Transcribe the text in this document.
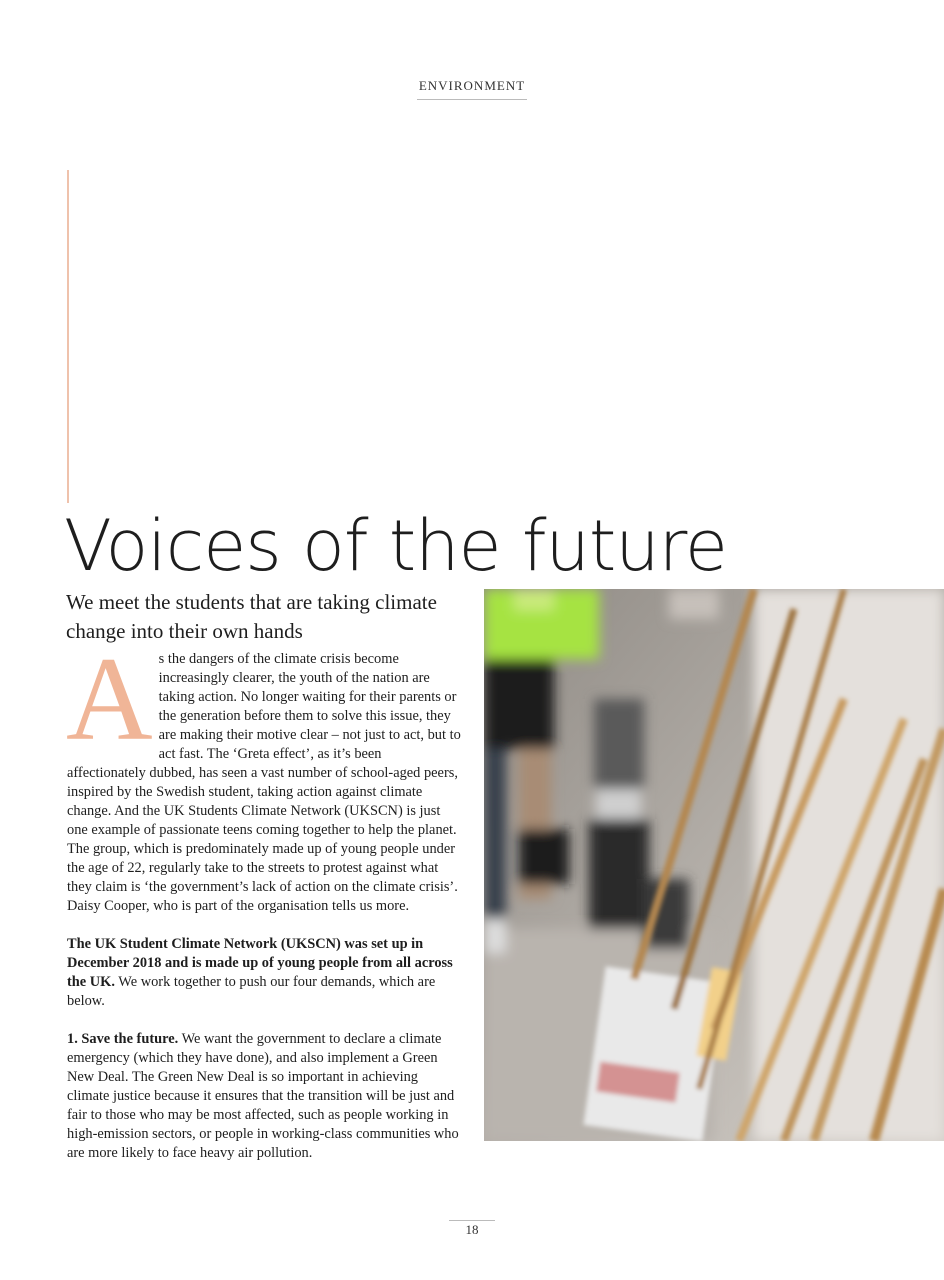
ENVIRONMENT
Voices of the future
We meet the students that are taking climate change into their own hands

As the dangers of the climate crisis become increasingly clearer, the youth of the nation are taking action. No longer waiting for their parents or the generation before them to solve this issue, they are making their motive clear – not just to act, but to act fast. The ‘Greta effect’, as it’s been affectionately dubbed, has seen a vast number of school-aged peers, inspired by the Swedish student, taking action against climate change. And the UK Students Climate Network (UKSCN) is just one example of passionate teens coming together to help the planet. The group, which is predominately made up of young people under the age of 22, regularly take to the streets to protest against what they claim is ‘the government’s lack of action on the climate crisis’. Daisy Cooper, who is part of the organisation tells us more.

The UK Student Climate Network (UKSCN) was set up in December 2018 and is made up of young people from all across the UK. We work together to push our four demands, which are below.

1. Save the future. We want the government to declare a climate emergency (which they have done), and also implement a Green New Deal. The Green New Deal is so important in achieving climate justice because it ensures that the transition will be just and fair to those who may be most affected, such as people working in high-emission sectors, or people in working-class communities who are more likely to face heavy air pollution.

18
